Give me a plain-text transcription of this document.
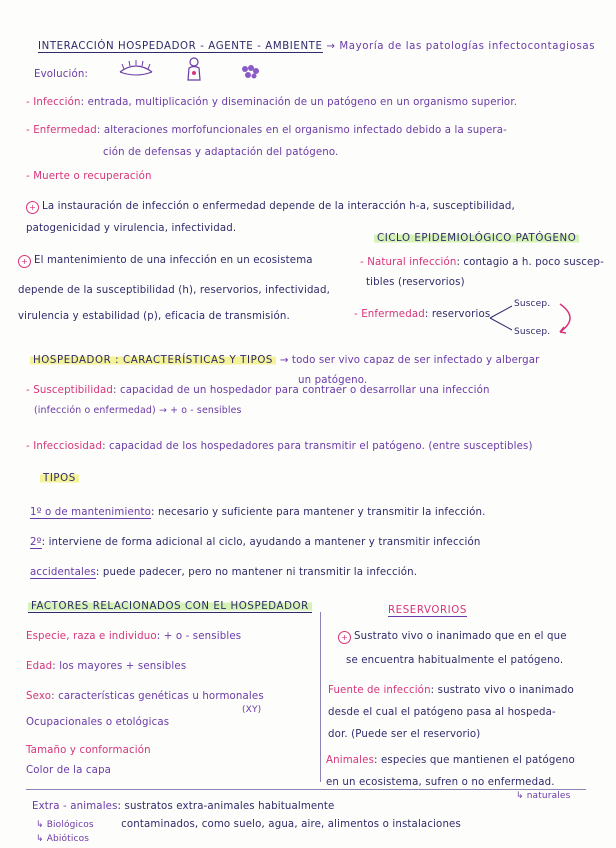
INTERACCIÓN HOSPEDADOR - AGENTE - AMBIENTE → Mayoría de las patologías infectocontagiosas
Evolución:
- Infección: entrada, multiplicación y diseminación de un patógeno en un organismo superior.
- Enfermedad: alteraciones morfofuncionales en el organismo infectado debido a la supera-
ción de defensas y adaptación del patógeno.
- Muerte o recuperación
+ La instauración de infección o enfermedad depende de la interacción h-a, susceptibilidad,
patogenicidad y virulencia, infectividad.
+ El mantenimiento de una infección en un ecosistema
depende de la susceptibilidad (h), reservorios, infectividad,
virulencia y estabilidad (p), eficacia de transmisión.
CICLO EPIDEMIOLÓGICO PATÓGENO
- Natural infección: contagio a h. poco suscep-
tibles (reservorios)
- Enfermedad: reservorios
Suscep.
Suscep.
HOSPEDADOR : CARACTERÍSTICAS Y TIPOS → todo ser vivo capaz de ser infectado y albergar
un patógeno.
- Susceptibilidad: capacidad de un hospedador para contraer o desarrollar una infección
(infección o enfermedad) → + o - sensibles
- Infecciosidad: capacidad de los hospedadores para transmitir el patógeno. (entre susceptibles)
TIPOS
1º o de mantenimiento: necesario y suficiente para mantener y transmitir la infección.
2º: interviene de forma adicional al ciclo, ayudando a mantener y transmitir infección
accidentales: puede padecer, pero no mantener ni transmitir la infección.
FACTORES RELACIONADOS CON EL HOSPEDADOR
Especie, raza e individuo: + o - sensibles
Edad: los mayores + sensibles
Sexo: características genéticas u hormonales
(XY)
Ocupacionales o etológicas
Tamaño y conformación
Color de la capa
RESERVORIOS
+ Sustrato vivo o inanimado que en el que
se encuentra habitualmente el patógeno.
Fuente de infección: sustrato vivo o inanimado
desde el cual el patógeno pasa al hospeda-
dor. (Puede ser el reservorio)
Animales: especies que mantienen el patógeno
en un ecosistema, sufren o no enfermedad.
↳ naturales
Extra - animales: sustratos extra-animales habitualmente
↳ Biológicos	contaminados, como suelo, agua, aire, alimentos o instalaciones
↳ Abióticos
